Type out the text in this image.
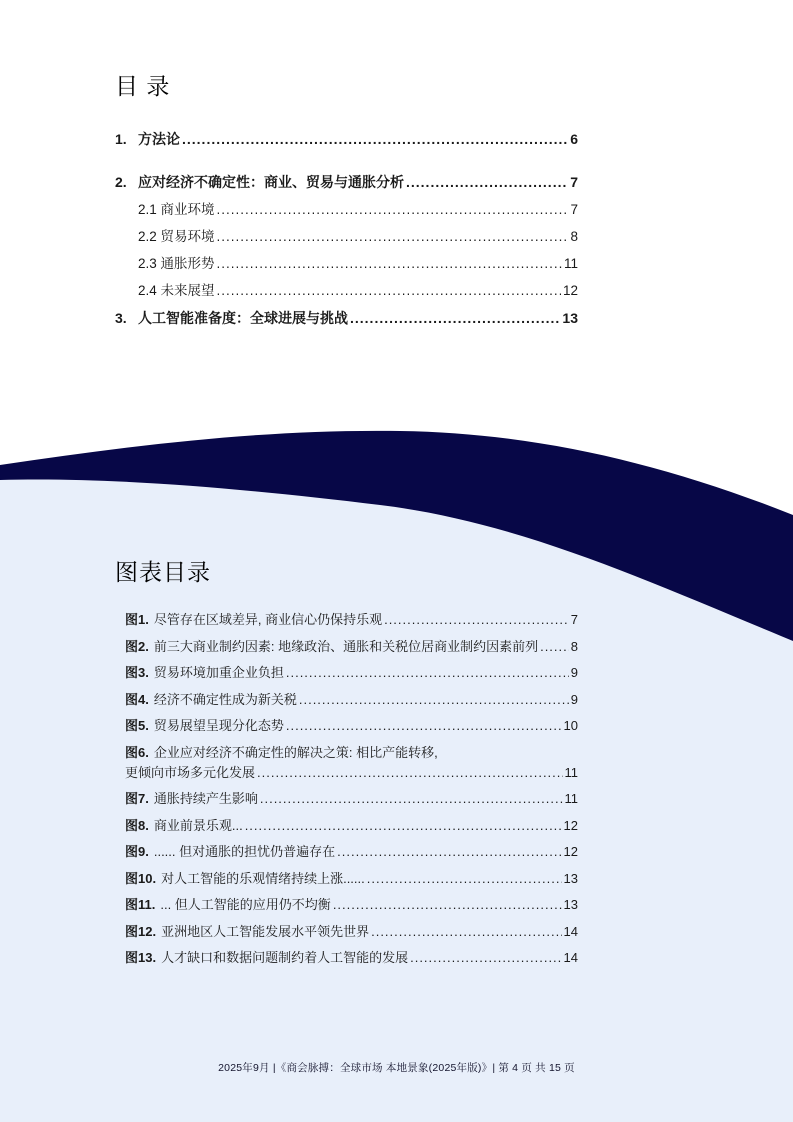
目 录
1. 方法论 .....	6
2. 应对经济不确定性：商业、贸易与通胀分析 .....	7
2.1 商业环境 .....	7
2.2 贸易环境 .....	8
2.3 通胀形势 .....	11
2.4 未来展望 .....	12
3. 人工智能准备度：全球进展与挑战 .....	13
图表目录
图1. 尽管存在区域差异, 商业信心仍保持乐观 .....	7
图2. 前三大商业制约因素: 地缘政治、通胀和关税位居商业制约因素前列 .....	8
图3. 贸易环境加重企业负担 .....	9
图4. 经济不确定性成为新关税 .....	9
图5. 贸易展望呈现分化态势 .....	10
图6. 企业应对经济不确定性的解决之策: 相比产能转移,
更倾向市场多元化发展 .....	11
图7. 通胀持续产生影响 .....	11
图8. 商业前景乐观... .....	12
图9. ...... 但对通胀的担忧仍普遍存在 .....	12
图10. 对人工智能的乐观情绪持续上涨...... .....	13
图11. ... 但人工智能的应用仍不均衡 .....	13
图12. 亚洲地区人工智能发展水平领先世界 .....	14
图13. 人才缺口和数据问题制约着人工智能的发展 .....	14
2025年9月 |《商会脉搏：全球市场 本地景象(2025年版)》| 第 4 页 共 15 页
